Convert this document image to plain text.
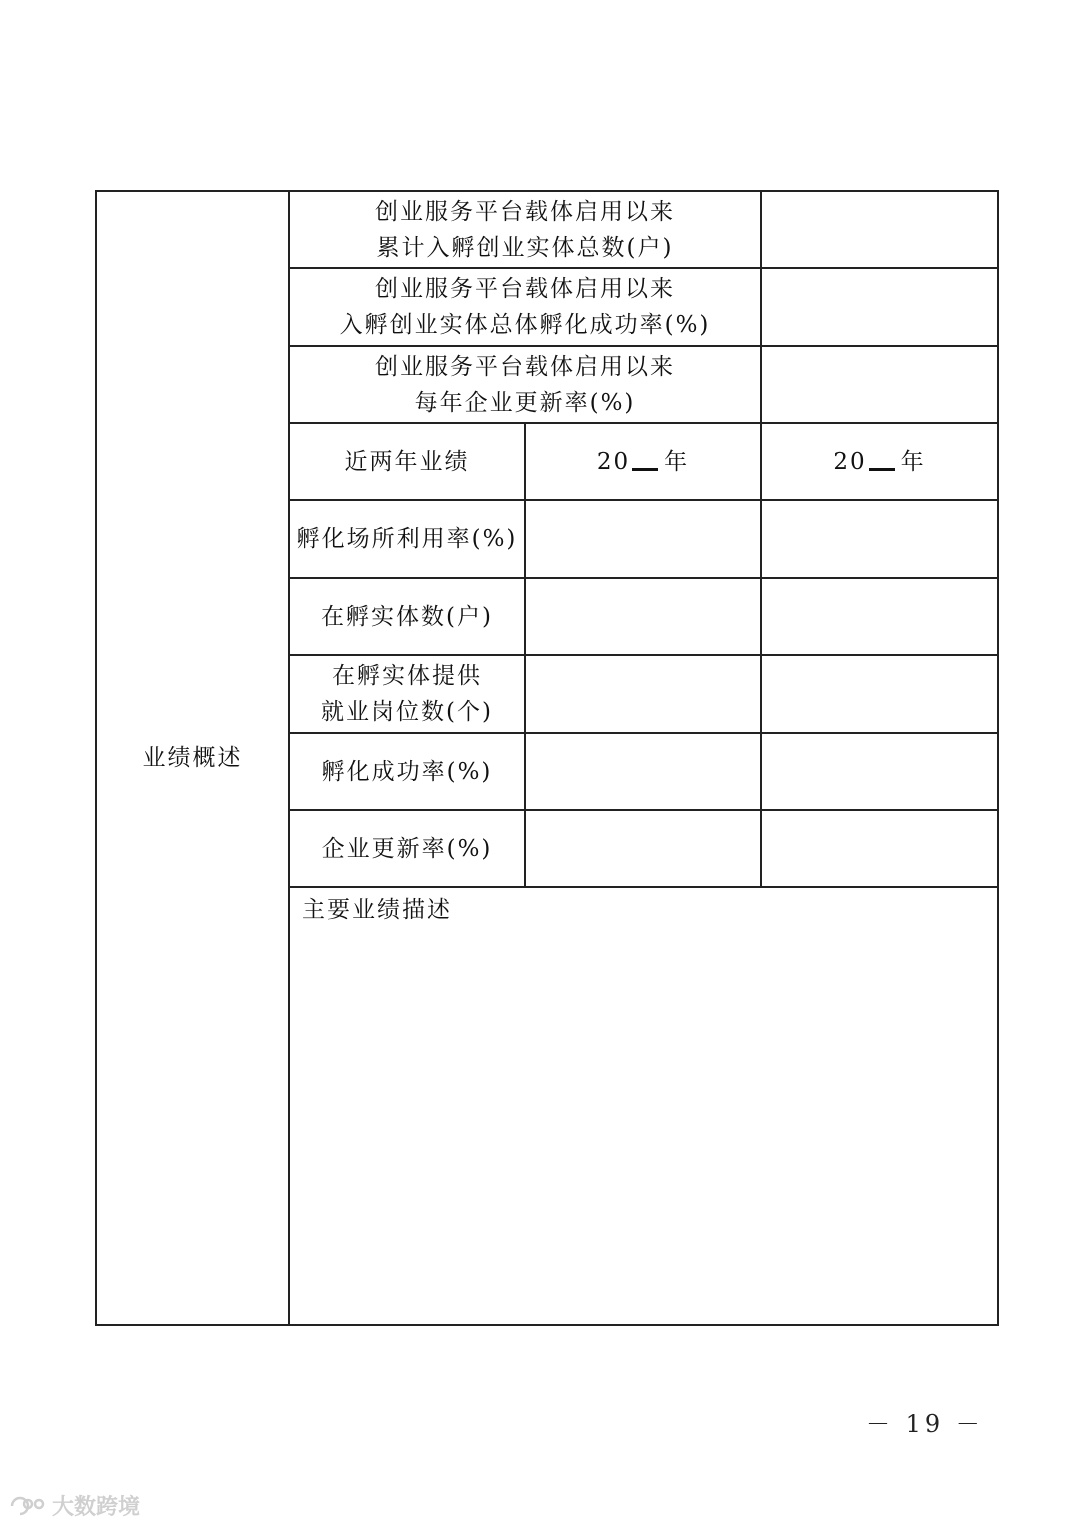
业绩概述	创业服务平台载体启用以来
累计入孵创业实体总数(户)		

	创业服务平台载体启用以来
入孵创业实体总体孵化成功率(%)		

	创业服务平台载体启用以来
每年企业更新率(%)		

	近两年业绩	20 年	20 年
	孵化场所利用率(%)		
	在孵实体数(户)		

	在孵实体提供
就业岗位数(个)		

	孵化成功率(%)		
	企业更新率(%)		

	主要业绩描述		
－ 19 －
大数跨境
